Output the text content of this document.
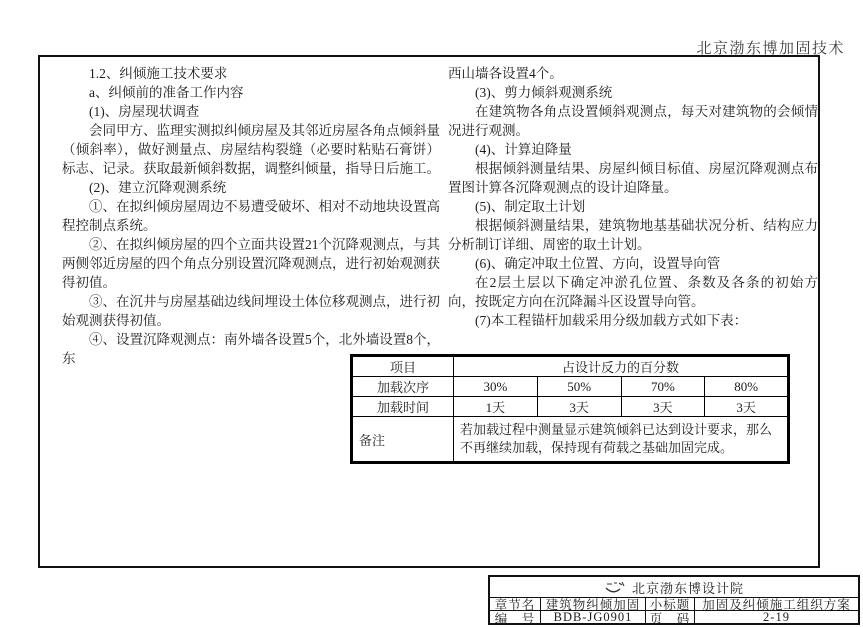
北京渤东博加固技术

1.2、纠倾施工技术要求

a、纠倾前的准备工作内容

(1)、房屋现状调查

会同甲方、监理实测拟纠倾房屋及其邻近房屋各角点倾斜量（倾斜率），做好测量点、房屋结构裂缝（必要时粘贴石膏饼）标志、记录。获取最新倾斜数据，调整纠倾量，指导日后施工。

(2)、建立沉降观测系统

①、在拟纠倾房屋周边不易遭受破坏、相对不动地块设置高程控制点系统。

②、在拟纠倾房屋的四个立面共设置21个沉降观测点，与其两侧邻近房屋的四个角点分别设置沉降观测点，进行初始观测获得初值。

③、在沉井与房屋基础边线间埋设土体位移观测点，进行初始观测获得初值。

④、设置沉降观测点：南外墙各设置5个，北外墙设置8个，东

西山墙各设置4个。

(3)、剪力倾斜观测系统

在建筑物各角点设置倾斜观测点，每天对建筑物的会倾情况进行观测。

(4)、计算迫降量

根据倾斜测量结果、房屋纠倾目标值、房屋沉降观测点布置图计算各沉降观测点的设计迫降量。

(5)、制定取土计划

根据倾斜测量结果，建筑物地基基础状况分析、结构应力分析制订详细、周密的取土计划。

(6)、确定冲取土位置、方向，设置导向管

在2层土层以下确定冲淤孔位置、条数及各条的初始方向，按既定方向在沉降漏斗区设置导向管。

(7)本工程锚杆加载采用分级加载方式如下表：

项目	占设计反力的百分数			
加载次序	30%	50%	70%	80%
加载时间	1天	3天	3天	3天
备注	若加载过程中测量显示建筑倾斜已达到设计要求，那么不再继续加载，保持现有荷载之基础加固完成。			
北京渤东博设计院
章节名 建筑物纠倾加固 小标题 加固及纠倾施工组织方案
编　号	BDB-JG0901	页　码	2-19
